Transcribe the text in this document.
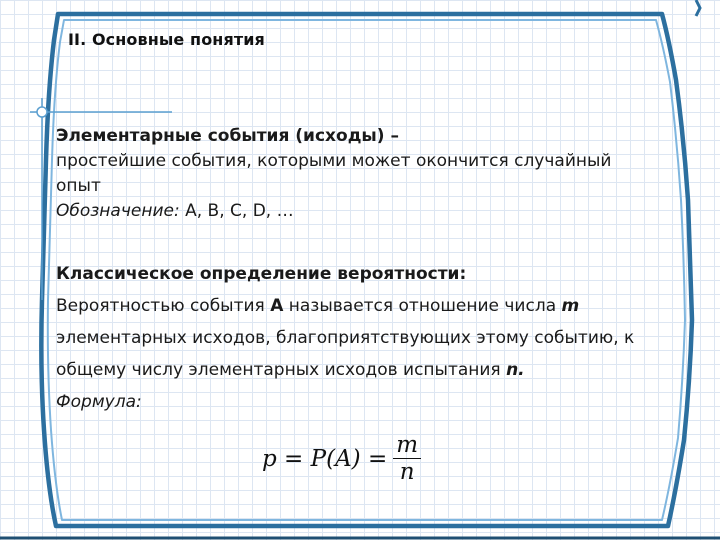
II. Основные понятия
Элементарные события (исходы) –
простейшие события, которыми может окончится случайный
опыт
Обозначение: A, B, C, D, …
Классическое определение вероятности:
Вероятностью события A называется отношение числа m элементарных исходов, благоприятствующих этому событию, к общему числу элементарных исходов испытания n.
Формула:
$p = P(A) = \frac{m}{n}$
